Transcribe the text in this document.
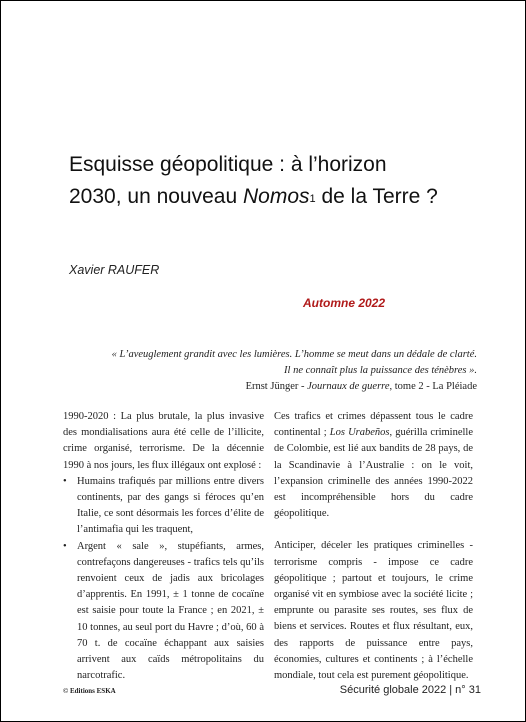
Esquisse géopolitique : à l’horizon
2030, un nouveau Nomos$^1$ de la Terre ?
Xavier RAUFER
Automne 2022
« L’aveuglement grandit avec les lumières. L’homme se meut dans un dédale de clarté.
Il ne connaît plus la puissance des ténèbres ».
Ernst Jünger - Journaux de guerre, tome 2 - La Pléiade

1990-2020 : La plus brutale, la plus invasive des mondialisations aura été celle de l’illicite, crime organisé, terrorisme. De la décennie 1990 à nos jours, les flux illégaux ont explosé :

• Humains trafiqués par millions entre divers continents, par des gangs si féroces qu’en Italie, ce sont désormais les forces d’élite de l’antimafia qui les traquent,
• Argent « sale », stupéfiants, armes, contrefaçons dangereuses - trafics tels qu’ils renvoient ceux de jadis aux bricolages d’apprentis. En 1991, ± 1 tonne de cocaïne est saisie pour toute la France ; en 2021, ± 10 tonnes, au seul port du Havre ; d’où, 60 à 70 t. de cocaïne échappant aux saisies arrivent aux caïds métropolitains du narcotrafic.

Ces trafics et crimes dépassent tous le cadre continental ; Los Urabeños, guérilla criminelle de Colombie, est lié aux bandits de 28 pays, de la Scandinavie à l’Australie : on le voit, l’expansion criminelle des années 1990-2022 est incompréhensible hors du cadre géopolitique.

Anticiper, déceler les pratiques criminelles - terrorisme compris - impose ce cadre géopolitique ; partout et toujours, le crime organisé vit en symbiose avec la société licite ; emprunte ou parasite ses routes, ses flux de biens et services. Routes et flux résultant, eux, des rapports de puissance entre pays, économies, cultures et continents ; à l’échelle mondiale, tout cela est purement géopolitique.

© Editions ESKA	Sécurité globale 2022 | n° 31
